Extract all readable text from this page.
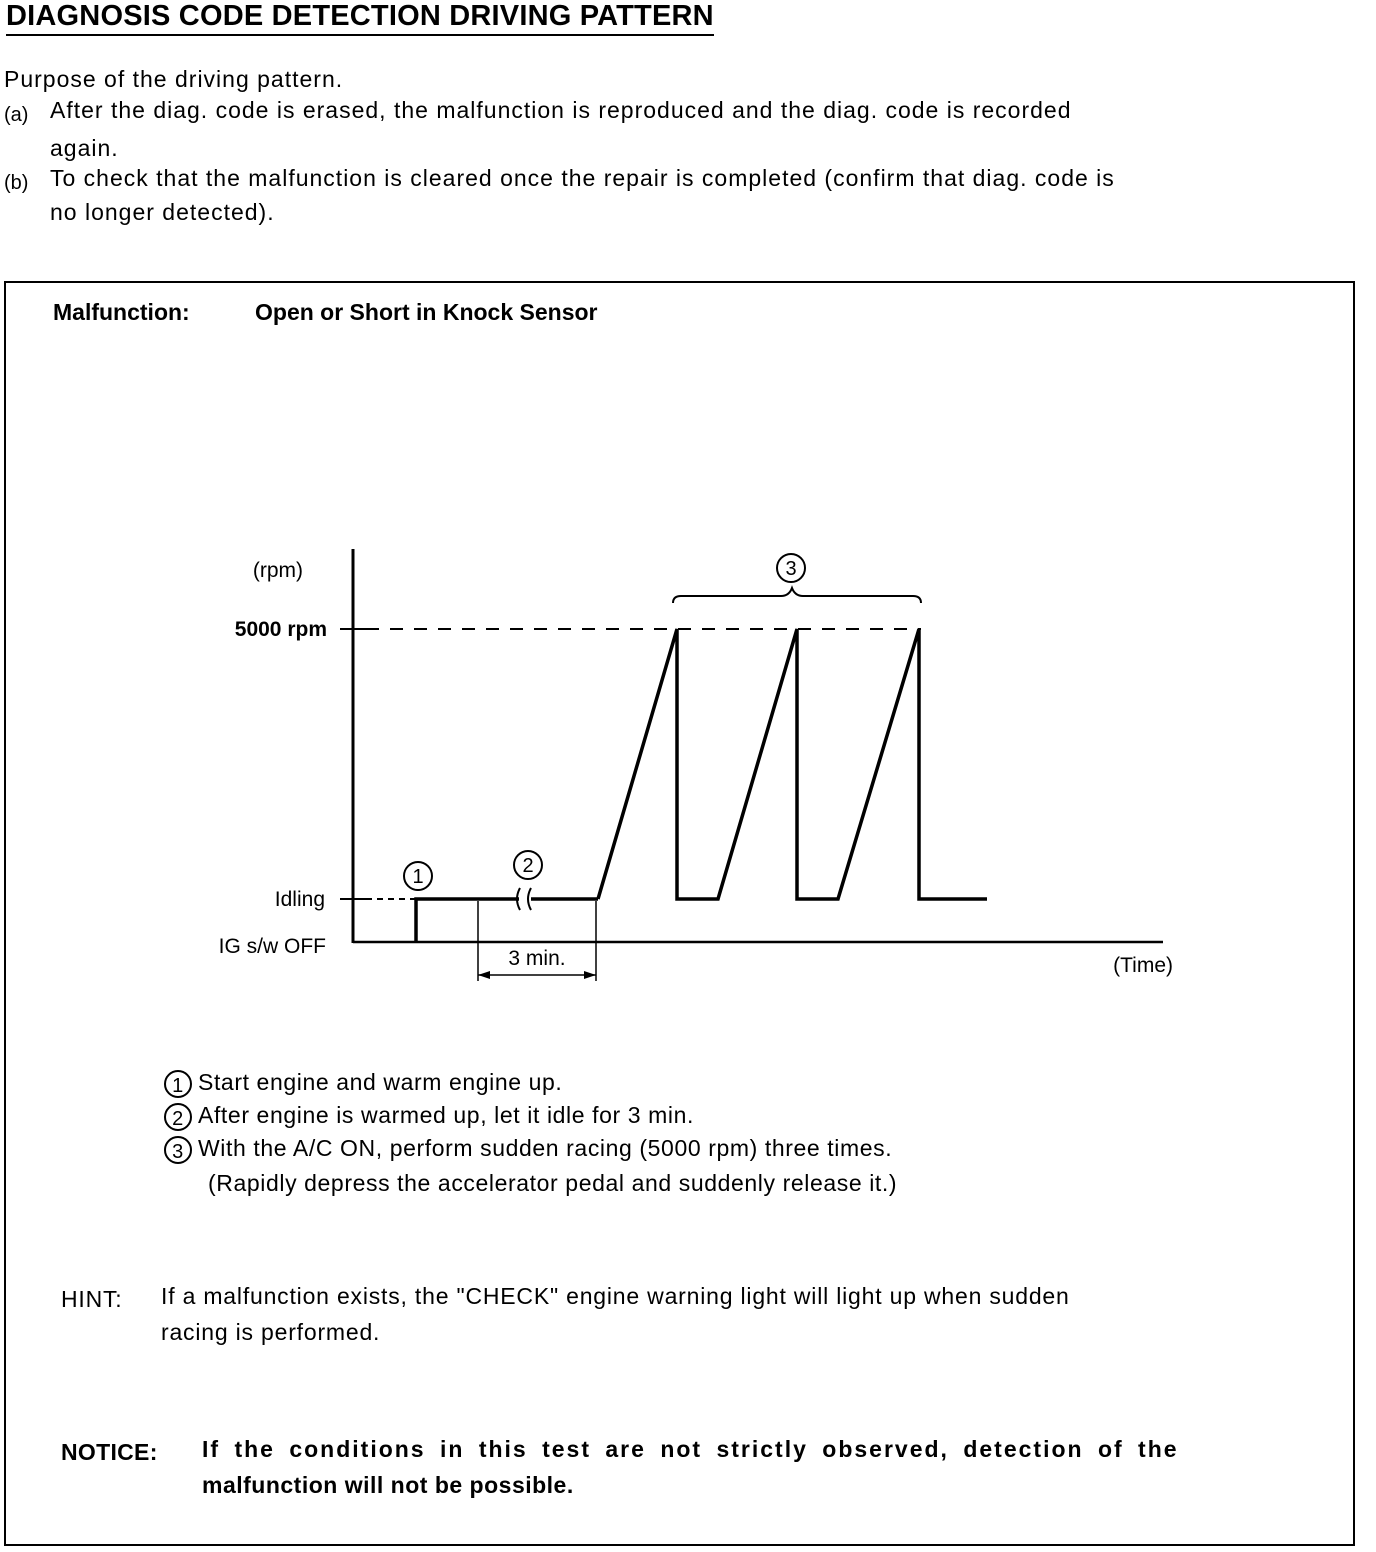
DIAGNOSIS CODE DETECTION DRIVING PATTERN
Purpose of the driving pattern.
(a) After the diag. code is erased, the malfunction is reproduced and the diag. code is recorded
again.
(b) To check that the malfunction is cleared once the repair is completed (confirm that diag. code is
no longer detected).
Malfunction:	Open or Short in Knock Sensor
1	2
3
(rpm)
5000 rpm
Idling
IG s/w OFF
3 min.	(Time)
1 Start engine and warm engine up.
2 After engine is warmed up, let it idle for 3 min.
3 With the A/C ON, perform sudden racing (5000 rpm) three times.
(Rapidly depress the accelerator pedal and suddenly release it.)
HINT: If a malfunction exists, the "CHECK" engine warning light will light up when sudden
racing is performed.
NOTICE: If the conditions in this test are not strictly observed, detection of the
malfunction will not be possible.
